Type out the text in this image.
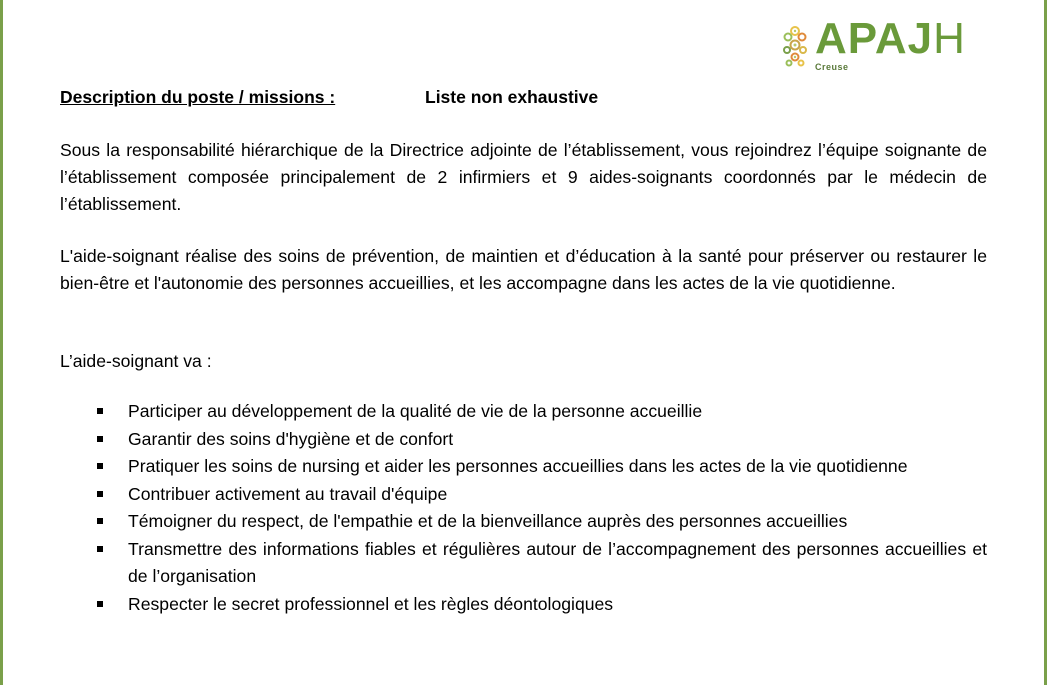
APAJH
Creuse
Description du poste / missions :	Liste non exhaustive

Sous la responsabilité hiérarchique de la Directrice adjointe de l’établissement, vous rejoindrez l’équipe soignante de l’établissement composée principalement de 2 infirmiers et 9 aides-soignants coordonnés par le médecin de l’établissement.

L'aide-soignant réalise des soins de prévention, de maintien et d’éducation à la santé pour préserver ou restaurer le bien-être et l'autonomie des personnes accueillies, et les accompagne dans les actes de la vie quotidienne.

L’aide-soignant va :

Participer au développement de la qualité de vie de la personne accueillie
Garantir des soins d'hygiène et de confort
Pratiquer les soins de nursing et aider les personnes accueillies dans les actes de la vie quotidienne
Contribuer activement au travail d'équipe
Témoigner du respect, de l'empathie et de la bienveillance auprès des personnes accueillies
Transmettre des informations fiables et régulières autour de l’accompagnement des personnes accueillies et de l’organisation
Respecter le secret professionnel et les règles déontologiques
